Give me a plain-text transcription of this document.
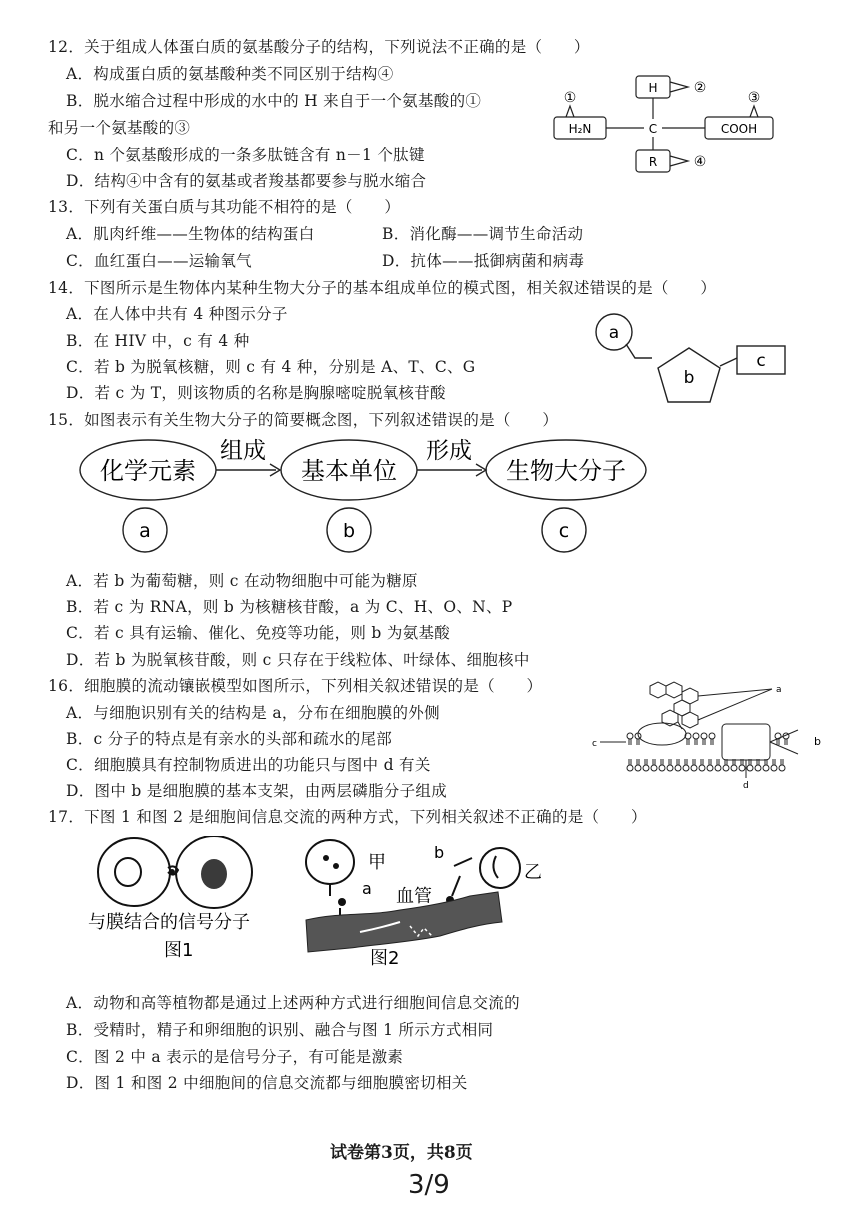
12．关于组成人体蛋白质的氨基酸分子的结构，下列说法不正确的是（　　）
A．构成蛋白质的氨基酸种类不同区别于结构④
B．脱水缩合过程中形成的水中的 H 来自于一个氨基酸的①
和另一个氨基酸的③
C．n 个氨基酸形成的一条多肽链含有 n－1 个肽键
D．结构④中含有的氨基或者羧基都要参与脱水缩合
H
C
R
H₂N	COOH
①
②
③
④
13．下列有关蛋白质与其功能不相符的是（　　）
A．肌肉纤维——生物体的结构蛋白	B．消化酶——调节生命活动
C．血红蛋白——运输氧气	D．抗体——抵御病菌和病毒
14．下图所示是生物体内某种生物大分子的基本组成单位的模式图，相关叙述错误的是（　　）
A．在人体中共有 4 种图示分子
B．在 HIV 中，c 有 4 种
C．若 b 为脱氧核糖，则 c 有 4 种，分别是 A、T、C、G
D．若 c 为 T，则该物质的名称是胸腺嘧啶脱氧核苷酸
a
b
c
15．如图表示有关生物大分子的简要概念图，下列叙述错误的是（　　）
化学元素	基本单位	生物大分子
组成	形成
a	b	c
A．若 b 为葡萄糖，则 c 在动物细胞中可能为糖原
B．若 c 为 RNA，则 b 为核糖核苷酸，a 为 C、H、O、N、P
C．若 c 具有运输、催化、免疫等功能，则 b 为氨基酸
D．若 b 为脱氧核苷酸，则 c 只存在于线粒体、叶绿体、细胞核中
16．细胞膜的流动镶嵌模型如图所示，下列相关叙述错误的是（　　）
A．与细胞识别有关的结构是 a，分布在细胞膜的外侧
B．c 分子的特点是有亲水的头部和疏水的尾部
C．细胞膜具有控制物质进出的功能只与图中 d 有关
D．图中 b 是细胞膜的基本支架，由两层磷脂分子组成
a
b
c
d
17．下图 1 和图 2 是细胞间信息交流的两种方式，下列相关叙述不正确的是（　　）
与膜结合的信号分子
图1
甲	乙
a
b
血管
图2
A．动物和高等植物都是通过上述两种方式进行细胞间信息交流的
B．受精时，精子和卵细胞的识别、融合与图 1 所示方式相同
C．图 2 中 a 表示的是信号分子，有可能是激素
D．图 1 和图 2 中细胞间的信息交流都与细胞膜密切相关
试卷第3页，共8页
3/9
